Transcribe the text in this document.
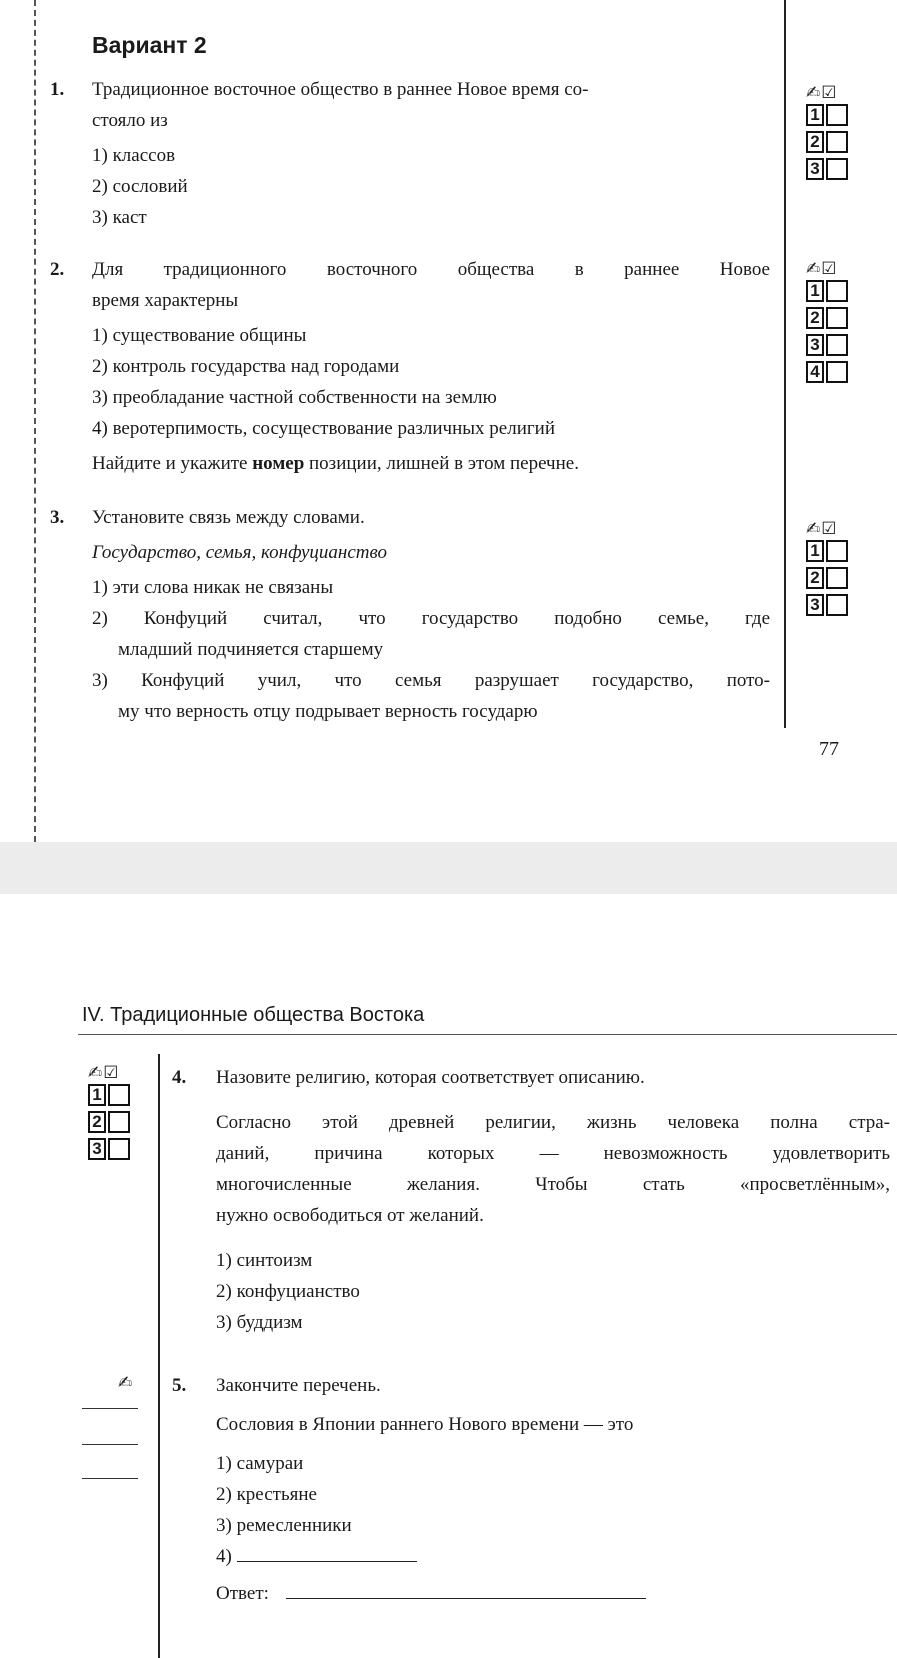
Вариант 2
1. Традиционное восточное общество в раннее Новое время со-
стояло из
1) классов
2) сословий
3) каст
✍☑
1
2
3
2. Для традиционного восточного общества в раннее Новое
время характерны
1) существование общины
2) контроль государства над городами
3) преобладание частной собственности на землю
4) веротерпимость, сосуществование различных религий
Найдите и укажите номер позиции, лишней в этом перечне.
✍☑
1
2
3
4
3. Установите связь между словами.
Государство, семья, конфуцианство
1) эти слова никак не связаны
2) Конфуций считал, что государство подобно семье, где
младший подчиняется старшему
3) Конфуций учил, что семья разрушает государство, пото-
му что верность отцу подрывает верность государю
✍☑
1
2
3
77
IV. Традиционные общества Востока
✍☑
1
2
3
4. Назовите религию, которая соответствует описанию.
Согласно этой древней религии, жизнь человека полна стра-
даний, причина которых — невозможность удовлетворить
многочисленные желания. Чтобы стать «просветлённым»,
нужно освободиться от желаний.
1) синтоизм
2) конфуцианство
3) буддизм
✍ 5. Закончите перечень.
Сословия в Японии раннего Нового времени — это
1) самураи
2) крестьяне
3) ремесленники
4)
Ответ:
